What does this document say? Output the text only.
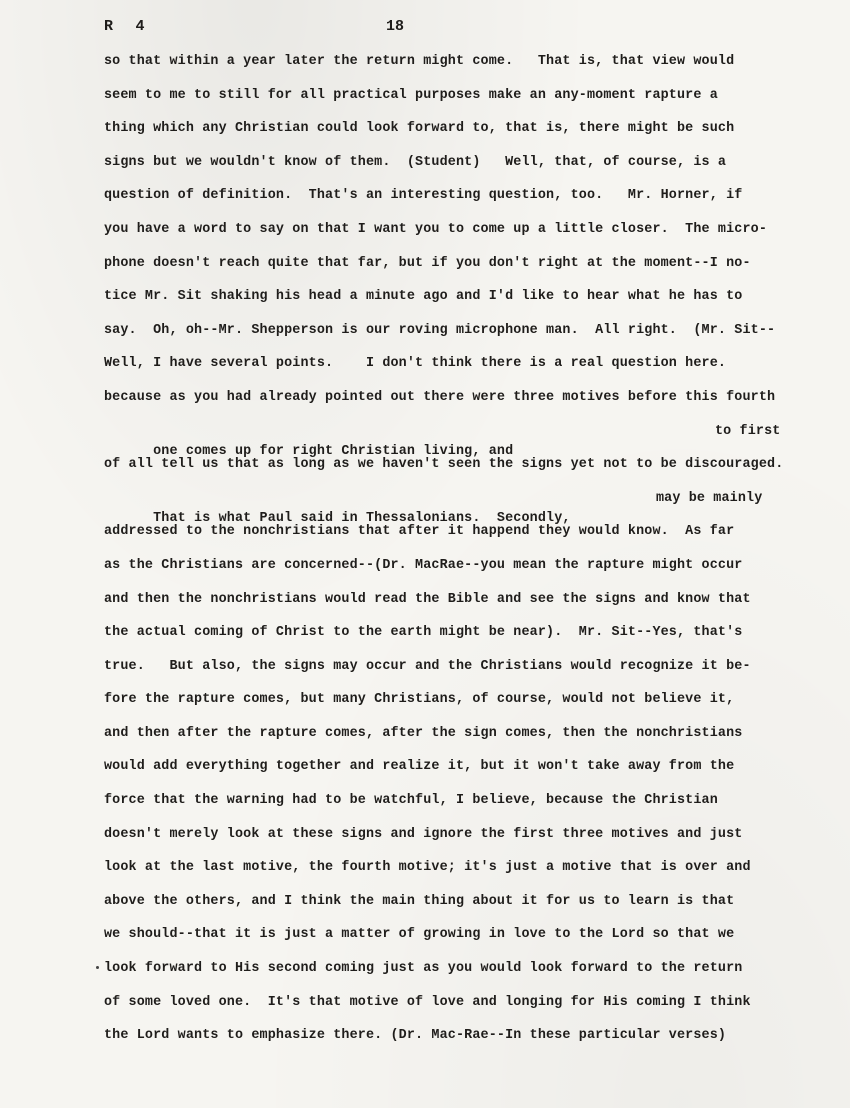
R 4	18
so that within a year later the return might come.   That is, that view would
seem to me to still for all practical purposes make an any-moment rapture a
thing which any Christian could look forward to, that is, there might be such
signs but we wouldn't know of them.  (Student)   Well, that, of course, is a
question of definition.  That's an interesting question, too.   Mr. Horner, if
you have a word to say on that I want you to come up a little closer.  The micro-
phone doesn't reach quite that far, but if you don't right at the moment--I no-
tice Mr. Sit shaking his head a minute ago and I'd like to hear what he has to
say.  Oh, oh--Mr. Shepperson is our roving microphone man.  All right.  (Mr. Sit--
Well, I have several points.    I don't think there is a real question here.
because as you had already pointed out there were three motives before this fourth

one comes up for right Christian living, and

to first

of all tell us that as long as we haven't seen the signs yet not to be discouraged.

That is what Paul said in Thessalonians.  Secondly,

may be mainly

addressed to the nonchristians that after it happend they would know.  As far
as the Christians are concerned--(Dr. MacRae--you mean the rapture might occur
and then the nonchristians would read the Bible and see the signs and know that
the actual coming of Christ to the earth might be near).  Mr. Sit--Yes, that's
true.   But also, the signs may occur and the Christians would recognize it be-
fore the rapture comes, but many Christians, of course, would not believe it,
and then after the rapture comes, after the sign comes, then the nonchristians
would add everything together and realize it, but it won't take away from the
force that the warning had to be watchful, I believe, because the Christian
doesn't merely look at these signs and ignore the first three motives and just
look at the last motive, the fourth motive; it's just a motive that is over and
above the others, and I think the main thing about it for us to learn is that
we should--that it is just a matter of growing in love to the Lord so that we
look forward to His second coming just as you would look forward to the return
of some loved one.  It's that motive of love and longing for His coming I think
the Lord wants to emphasize there. (Dr. Mac-Rae--In these particular verses)
